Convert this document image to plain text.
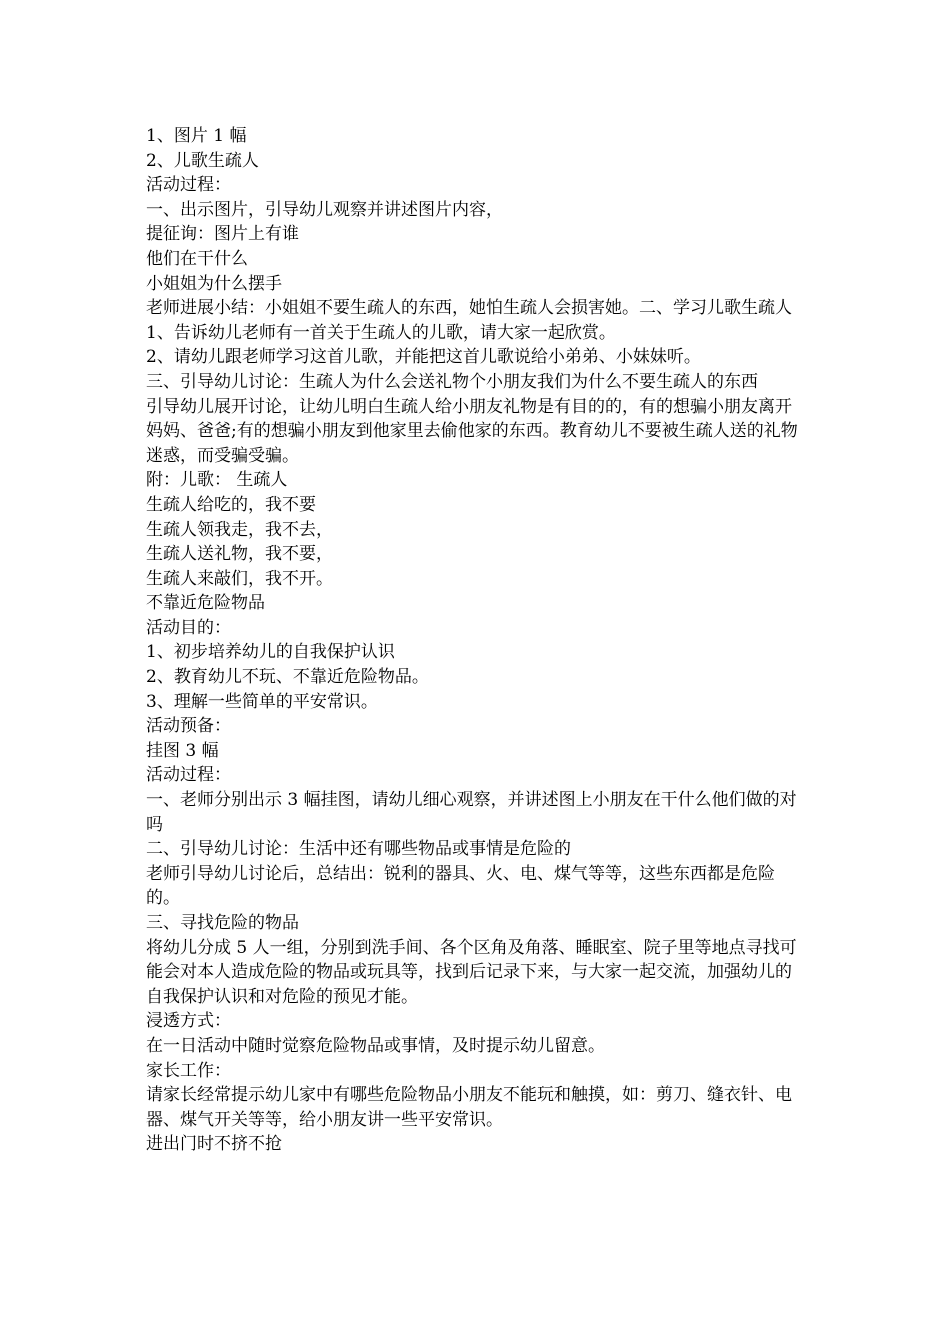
1、图片 1 幅

2、儿歌生疏人

活动过程：

一、出示图片，引导幼儿观察并讲述图片内容，

提征询：图片上有谁

他们在干什么

小姐姐为什么摆手

老师进展小结：小姐姐不要生疏人的东西，她怕生疏人会损害她。二、学习儿歌生疏人

1、告诉幼儿老师有一首关于生疏人的儿歌，请大家一起欣赏。

2、请幼儿跟老师学习这首儿歌，并能把这首儿歌说给小弟弟、小妹妹听。

三、引导幼儿讨论：生疏人为什么会送礼物个小朋友我们为什么不要生疏人的东西

引导幼儿展开讨论，让幼儿明白生疏人给小朋友礼物是有目的的，有的想骗小朋友离开妈妈、爸爸;有的想骗小朋友到他家里去偷他家的东西。教育幼儿不要被生疏人送的礼物迷惑，而受骗受骗。

附：儿歌： 生疏人

生疏人给吃的，我不要

生疏人领我走，我不去，

生疏人送礼物，我不要，

生疏人来敲们，我不开。

不靠近危险物品

活动目的：

1、初步培养幼儿的自我保护认识

2、教育幼儿不玩、不靠近危险物品。

3、理解一些简单的平安常识。

活动预备：

挂图 3 幅

活动过程：

一、老师分别出示 3 幅挂图，请幼儿细心观察，并讲述图上小朋友在干什么他们做的对吗

二、引导幼儿讨论：生活中还有哪些物品或事情是危险的

老师引导幼儿讨论后，总结出：锐利的器具、火、电、煤气等等，这些东西都是危险的。

三、寻找危险的物品

将幼儿分成 5 人一组，分别到洗手间、各个区角及角落、睡眠室、院子里等地点寻找可能会对本人造成危险的物品或玩具等，找到后记录下来，与大家一起交流，加强幼儿的自我保护认识和对危险的预见才能。

浸透方式：

在一日活动中随时觉察危险物品或事情，及时提示幼儿留意。

家长工作：

请家长经常提示幼儿家中有哪些危险物品小朋友不能玩和触摸，如：剪刀、缝衣针、电器、煤气开关等等，给小朋友讲一些平安常识。

进出门时不挤不抢
